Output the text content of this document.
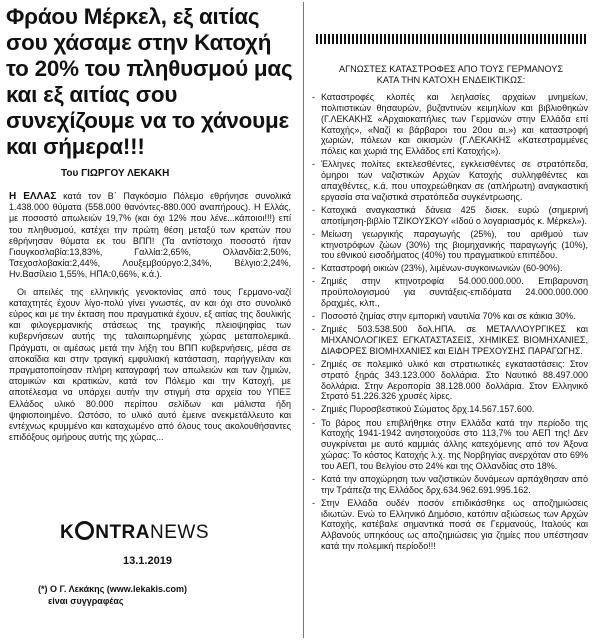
Φράου Μέρκελ, εξ αιτίας σου χάσαμε στην Κατοχή το 20% του πληθυσμού μας και εξ αιτίας σου συνεχίζουμε να το χάνουμε και σήμερα!!!
Του ΓΙΩΡΓΟΥ ΛΕΚΑΚΗ
Η ΕΛΛΑΣ κατά τον Β΄ Παγκόσμιο Πόλεμο εθρήνησε συνολικά 1.438.000 θύματα (558.000 θανόντες-880.000 αναπήρους). Η Ελλάς, με ποσοστό απωλειών 19,7% (και όχι 12% που λένε...κάποιοι!!!) επί του πληθυσμού, κατέχει την πρώτη θέση μεταξύ των κρατών που εθρήνησαν θύματα εκ του ΒΠΠ! (Τα αντίστοιχο ποσοστό ήταν Γιουγκοσλαβία:13,83%, Γαλλία:2,65%, Ολλανδία:2,50%, Τσεχοσλοβακία:2,44%, Λουξεμβούργο:2,34%, Βέλγιο:2,24%, Ην.Βασίλειο 1,55%, ΗΠΑ:0,66%, κ.ά.).
Οι απειλές της ελληνικής γενοκτονίας από τους Γερμανο-ναζί καταχτητές έχουν λίγο-πολύ γίνει γνωστές, αν και όχι στο συνολικό εύρος και με την έκταση που πραγματικά έχουν, εξ αιτίας της δουλικής και φιλογερμανικής στάσεως της τραγικής πλειοψηφίας των κυβερνήσεων αυτής της ταλαιπωρημένης χώρας μεταπολεμικά. Πράγματι, οι αμέσως μετά την λήξη του ΒΠΠ κυβερνήσεις, μέσα σε αποκαΐδια και στην τραγική εμφυλιακή κατάσταση, παρήγγειλαν και πραγματοποίησαν πλήρη καταγραφή των απωλειών και των ζημιών, ατομικών και κρατικών, κατά τον Πόλεμο και την Κατοχή, με αποτέλεσμα να υπάρχει αυτήν την στιγμή στα αρχεία του ΥΠΕΞ Ελλάδος υλικό 80.000 περίπου σελίδων και μάλιστα ήδη ψηφιοποιημένο. Ωστόσο, το υλικό αυτό έμεινε ανεκμετάλλευτο και εντέχνως κρυμμένο και καταχωμένο από όλους τους ακολουθήσαντες επιδόξους ομήρους αυτής της χώρας...
K NTRANEWS
13.1.2019
(*) Ο Γ. Λεκάκης (www.lekakis.com)
είναι συγγραφέας
ΑΓΝΩΣΤΕΣ ΚΑΤΑΣΤΡΟΦΕΣ ΑΠΟ ΤΟΥΣ ΓΕΡΜΑΝΟΥΣ
ΚΑΤΑ ΤΗΝ ΚΑΤΟΧΗ ΕΝΔΕΙΚΤΙΚΩΣ:
- Καταστροφές κλοπές και λεηλασίες αρχαίων μνημείων, πολιτιστικών θησαυρών, βυζαντινών κειμηλίων και βιβλιοθηκών (Γ.ΛΕΚΑΚΗΣ «Αρχαιοκαπήλιες των Γερμανών στην Ελλάδα επί Κατοχής», «Ναζί κι βάρβαροι του 20ου αι.») και καταστροφή χωριών, πόλεων και οικισμών (Γ.ΛΕΚΑΚΗΣ «Κατεστραμμένες πόλεις και χωριά της Ελλάδος επί Κατοχής»).
- Έλληνες πολίτες εκτελεσθέντες, εγκλεισθέντες σε στρατόπεδα, όμηροι των ναζιστικών Αρχών Κατοχής συλληφθέντες και απαχθέντες, κ.ά. που υποχρεώθηκαν σε (απλήρωτη) αναγκαστική εργασία στα ναζιστικά στρατόπεδα συγκέντρωσης.
- Κατοχικά αναγκαστικά δάνεια 425 δισεκ. ευρώ (σημερινή αποτίμηση-βιβλίο ΤΖΙΚΟΥΣΚΟΥ «Ιδού ο λογαριασμός κ. Μέρκελ»).
- Μείωση γεωργικής παραγωγής (25%), του αριθμού των κτηνοτρόφων ζώων (30%) της βιομηχανικής παραγωγής (10%), του εθνικού εισοδήματος (40%) του πραγματικού επιπέδου.
- Καταστροφή οικιών (23%), λιμένων-συγκοινωνιών (60-90%).
- Ζημιές στην κτηνοτροφία 54.000.000.000. Επιβαρυνση προϋπολογισμού για συντάξεις-επιδόματα 24.000.000.000 δραχμές, κλπ.,
- Ποσοστό ζημίας στην εμπορική ναυτιλία 70% και σε κάικια 30%.
- Ζημιές 503.538.500 δολ.ΗΠΑ. σε ΜΕΤΑΛΛΟΥΡΓΙΚΕΣ και ΜΗΧΑΝΟΛΟΓΙΚΕΣ ΕΓΚΑΤΑΣΤΑΣΕΙΣ, ΧΗΜΙΚΕΣ ΒΙΟΜΗΧΑΝΙΕΣ, ΔΙΑΦΟΡΕΣ ΒΙΟΜΗΧΑΝΙΕΣ και ΕΙΔΗ ΤΡΕΧΟΥΣΗΣ ΠΑΡΑΓΩΓΗΣ.
- Ζημιές σε πολεμικό υλικό και στρατιωτικές εγκαταστάσεις: Στον στρατό ξηράς 343.123.000 δολλάρια. Στο Ναυτικό 88.497.000 δολλάρια. Στην Αεροπορία 38.128.000 δολλάρια. Στον Ελληνικό Στρατό 51.226.326 χρυσές λίρες.
- Ζημιές Πυροσβεστικού Σώματος δρχ.14.567.157.600.
- Το βάρος που επιβλήθηκε στην Ελλάδα κατά την περίοδο της Κατοχής 1941-1942 ανηστοιχούσε στο 113,7% του ΑΕΠ της! Δεν συγκρίνεται με αυτό καμμιάς άλλης κατεχόμενης από τον Άξονα χώρας: Το κόστος Κατοχής λ.χ. της Νορβηγίας ανερχόταν στο 69% του ΑΕΠ, του Βελγίου στο 24% και της Ολλανδίας στο 18%.
- Κατά την αποχώρηση των ναζιστικών δυνάμεων αρπάχθησαν από την Τράπεζα της Ελλάδος δρχ.634.962.691.995.162.
- Στην Ελλάδα ουδέν ποσόν επιδικάσθηκε ως αποζημιώσεις ιδιωτών. Ενώ το Ελληνικό Δημόσιο, κατόπιν αξιώσεως των Αρχών Κατοχής, κατέβαλε σημαντικά ποσά σε Γερμανούς, Ιταλούς και Αλβανούς υπηκόους ως αποζημιώσεις για ζημίες που υπέστησαν κατά την πολεμική περίοδο!!!
